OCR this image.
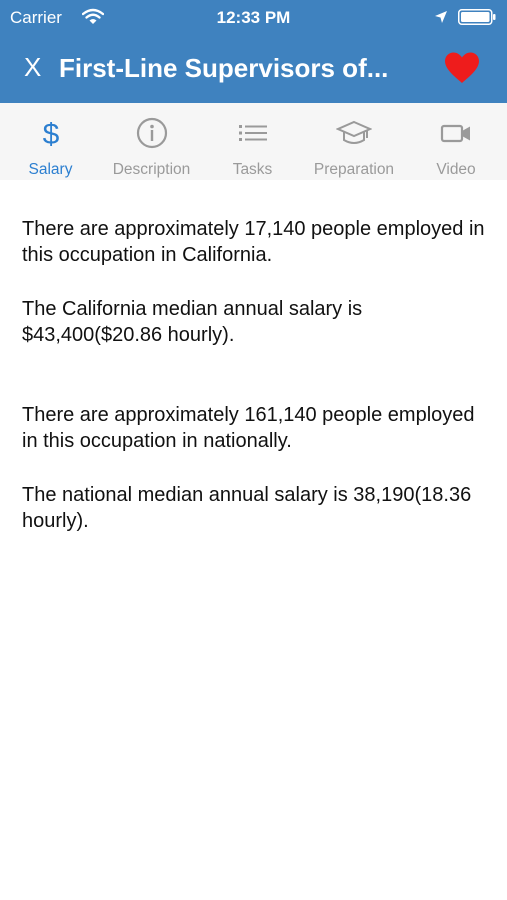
Carrier	12:33 PM
X First-Line Supervisors of...
$
Salary	Description	Tasks	Preparation	Video

There are approximately 17,140 people employed in this occupation in California.

The California median annual salary is $43,400($20.86 hourly).

There are approximately 161,140 people employed in this occupation in nationally.

The national median annual salary is 38,190(18.36 hourly).
